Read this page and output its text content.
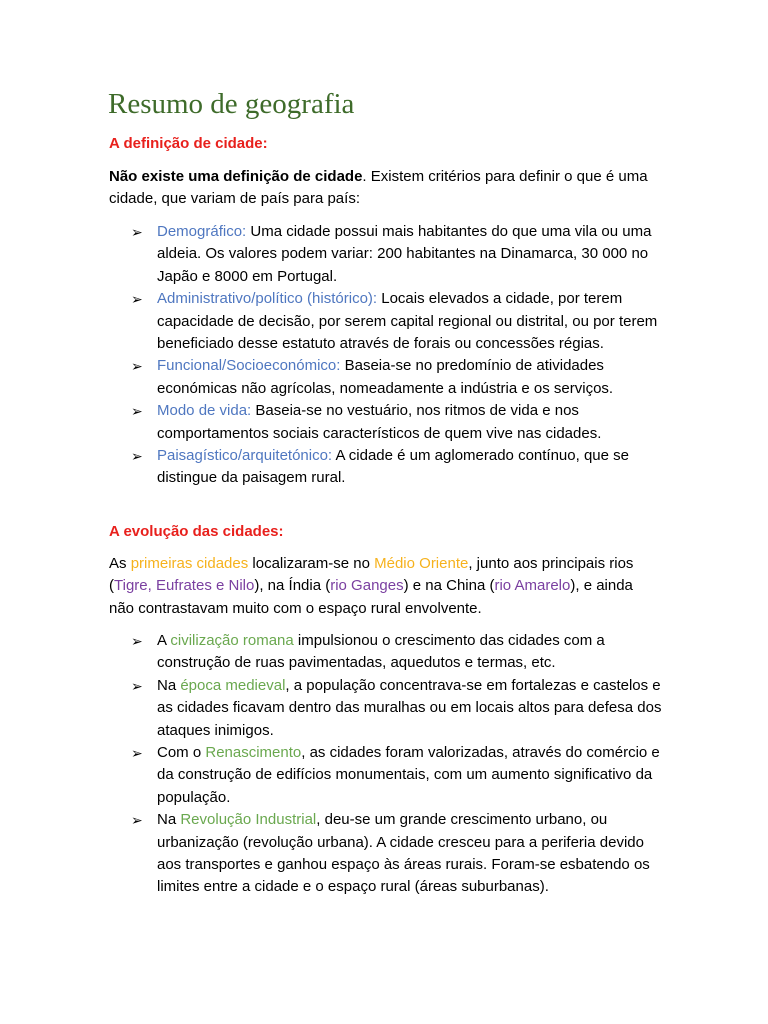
Resumo de geografia
A definição de cidade:

Não existe uma definição de cidade. Existem critérios para definir o que é uma cidade, que variam de país para país:

➢ Demográfico: Uma cidade possui mais habitantes do que uma vila ou uma aldeia. Os valores podem variar: 200 habitantes na Dinamarca, 30 000 no Japão e 8000 em Portugal.
➢ Administrativo/político (histórico): Locais elevados a cidade, por terem capacidade de decisão, por serem capital regional ou distrital, ou por terem beneficiado desse estatuto através de forais ou concessões régias.
➢ Funcional/Socioeconómico: Baseia-se no predomínio de atividades económicas não agrícolas, nomeadamente a indústria e os serviços.
➢ Modo de vida: Baseia-se no vestuário, nos ritmos de vida e nos comportamentos sociais característicos de quem vive nas cidades.
➢ Paisagístico/arquitetónico: A cidade é um aglomerado contínuo, que se distingue da paisagem rural.
A evolução das cidades:

As primeiras cidades localizaram-se no Médio Oriente, junto aos principais rios (Tigre, Eufrates e Nilo), na Índia (rio Ganges) e na China (rio Amarelo), e ainda não contrastavam muito com o espaço rural envolvente.

➢ A civilização romana impulsionou o crescimento das cidades com a construção de ruas pavimentadas, aquedutos e termas, etc.
➢ Na época medieval, a população concentrava-se em fortalezas e castelos e as cidades ficavam dentro das muralhas ou em locais altos para defesa dos ataques inimigos.
➢ Com o Renascimento, as cidades foram valorizadas, através do comércio e da construção de edifícios monumentais, com um aumento significativo da população.
➢ Na Revolução Industrial, deu-se um grande crescimento urbano, ou urbanização (revolução urbana). A cidade cresceu para a periferia devido aos transportes e ganhou espaço às áreas rurais. Foram-se esbatendo os limites entre a cidade e o espaço rural (áreas suburbanas).
